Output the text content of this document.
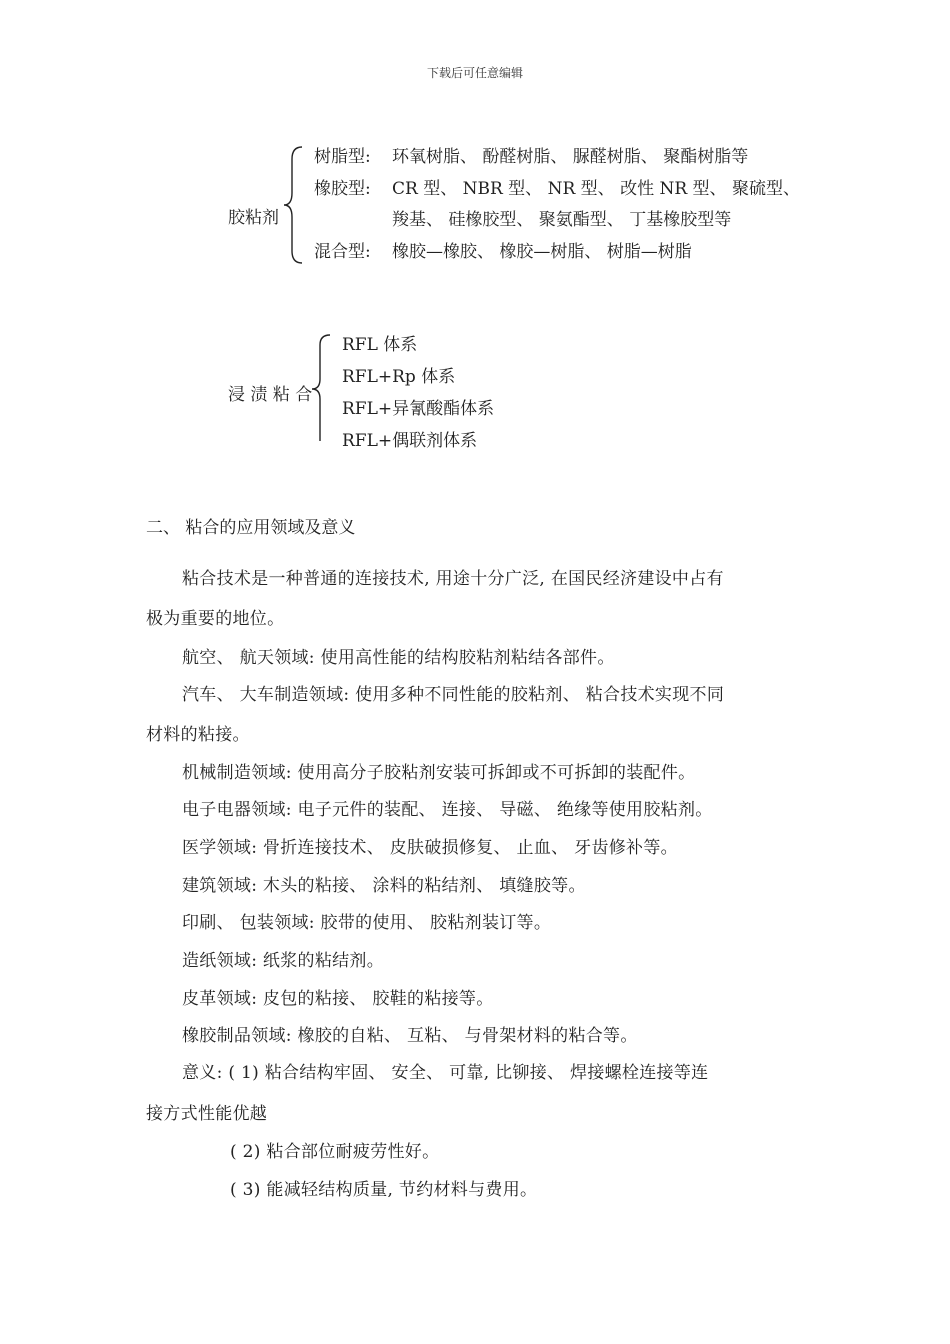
下载后可任意编辑
胶粘剂
树脂型: 环氧树脂、 酚醛树脂、 脲醛树脂、 聚酯树脂等
橡胶型: CR 型、 NBR 型、 NR 型、 改性 NR 型、 聚硫型、
羧基、 硅橡胶型、 聚氨酯型、 丁基橡胶型等
混合型: 橡胶—橡胶、 橡胶—树脂、 树脂—树脂
浸 渍 粘 合
RFL 体系
RFL+Rp 体系
RFL+异氰酸酯体系
RFL+偶联剂体系
二、 粘合的应用领域及意义
粘合技术是一种普通的连接技术, 用途十分广泛, 在国民经济建设中占有
极为重要的地位。
航空、 航天领域: 使用高性能的结构胶粘剂粘结各部件。
汽车、 大车制造领域: 使用多种不同性能的胶粘剂、 粘合技术实现不同
材料的粘接。
机械制造领域: 使用高分子胶粘剂安装可拆卸或不可拆卸的装配件。
电子电器领域: 电子元件的装配、 连接、 导磁、 绝缘等使用胶粘剂。
医学领域: 骨折连接技术、 皮肤破损修复、 止血、 牙齿修补等。
建筑领域: 木头的粘接、 涂料的粘结剂、 填缝胶等。
印刷、 包装领域: 胶带的使用、 胶粘剂装订等。
造纸领域: 纸浆的粘结剂。
皮革领域: 皮包的粘接、 胶鞋的粘接等。
橡胶制品领域: 橡胶的自粘、 互粘、 与骨架材料的粘合等。
意义: ( 1) 粘合结构牢固、 安全、 可靠, 比铆接、 焊接螺栓连接等连
接方式性能优越
( 2) 粘合部位耐疲劳性好。
( 3) 能减轻结构质量, 节约材料与费用。
